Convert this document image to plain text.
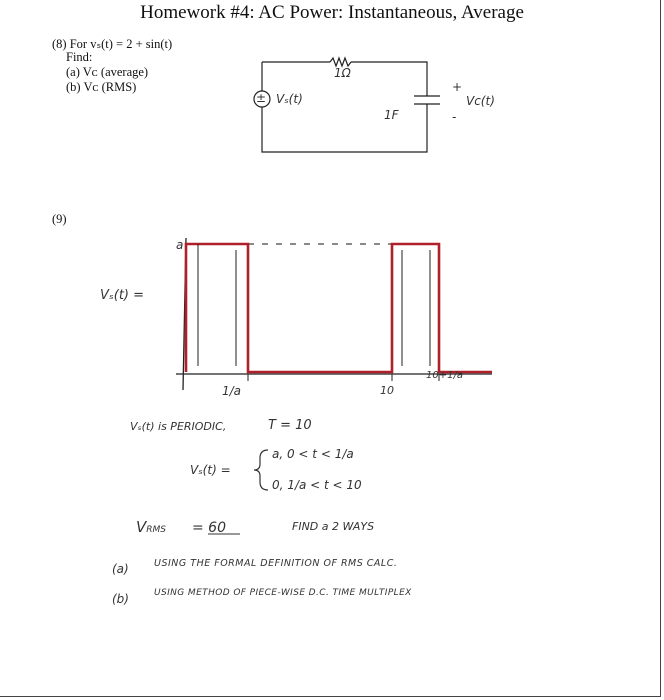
Homework #4: AC Power: Instantaneous, Average
(8) For vₛ(t) = 2 + sin(t)
Find:
(a) Vᴄ (average)
(b) Vᴄ (RMS)
1Ω
± Vₛ(t)
1F
+
-
Vᴄ(t)
(9)
Vₛ(t) =
a
1/a	10
10+1/a
Vₛ(t) is PERIODIC,	T = 10
Vₛ(t) =
a, 0 < t < 1/a
0, 1/a < t < 10
VRMS = 60	FIND a 2 WAYS
(a)	USING THE FORMAL DEFINITION OF RMS CALC.
(b)	USING METHOD OF PIECE-WISE D.C. TIME MULTIPLEX
